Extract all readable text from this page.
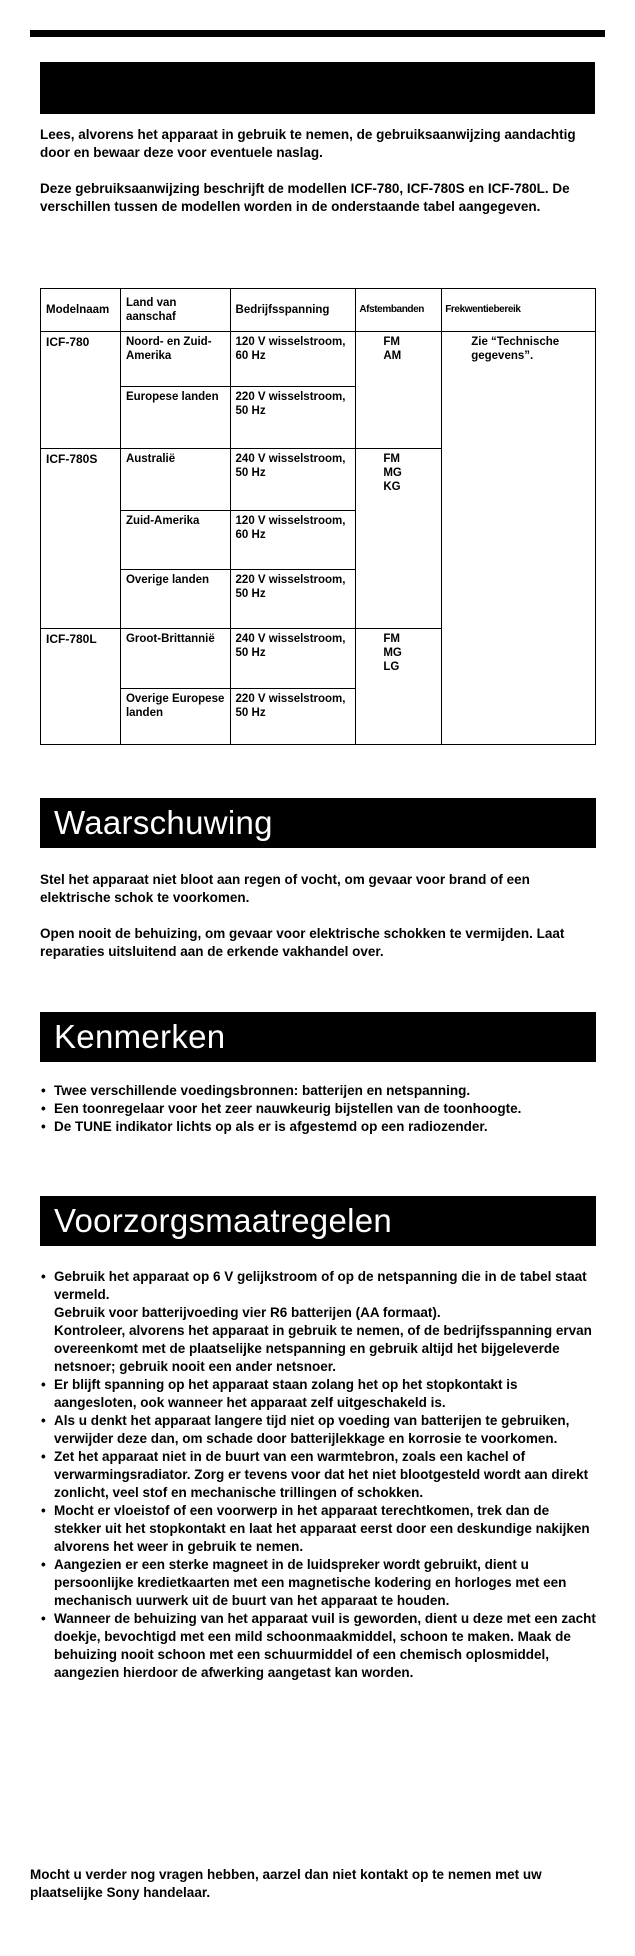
Lees, alvorens het apparaat in gebruik te nemen, de gebruiksaanwijzing aandachtig door en bewaar deze voor eventuele naslag.

Deze gebruiksaanwijzing beschrijft de modellen ICF-780, ICF-780S en ICF-780L. De verschillen tussen de modellen worden in de onderstaande tabel aangegeven.

Modelnaam	Land van aanschaf	Bedrijfsspanning	Afstembanden	Frekwentiebereik
ICF-780	Noord- en Zuid-Amerika	120 V wisselstroom, 60 Hz	FM AM	Zie “Technische gegevens”.

	Europese landen	220 V wisselstroom, 50 Hz		
ICF-780S	Australië	240 V wisselstroom, 50 Hz	FM MG KG	

	Zuid-Amerika	120 V wisselstroom, 60 Hz		
	Overige landen	220 V wisselstroom, 50 Hz		
ICF-780L	Groot-Brittannië	240 V wisselstroom, 50 Hz	FM MG LG	

	Overige Europese landen	220 V wisselstroom, 50 Hz		
Waarschuwing

Stel het apparaat niet bloot aan regen of vocht, om gevaar voor brand of een elektrische schok te voorkomen.

Open nooit de behuizing, om gevaar voor elektrische schokken te vermijden. Laat reparaties uitsluitend aan de erkende vakhandel over.

Kenmerken
• Twee verschillende voedingsbronnen: batterijen en netspanning.
• Een toonregelaar voor het zeer nauwkeurig bijstellen van de toonhoogte.
• De TUNE indikator lichts op als er is afgestemd op een radiozender.
Voorzorgsmaatregelen
• Gebruik het apparaat op 6 V gelijkstroom of op de netspanning die in de tabel staat vermeld.
Gebruik voor batterijvoeding vier R6 batterijen (AA formaat).
Kontroleer, alvorens het apparaat in gebruik te nemen, of de bedrijfsspanning ervan overeenkomt met de plaatselijke netspanning en gebruik altijd het bijgeleverde netsnoer; gebruik nooit een ander netsnoer.
• Er blijft spanning op het apparaat staan zolang het op het stopkontakt is aangesloten, ook wanneer het apparaat zelf uitgeschakeld is.
• Als u denkt het apparaat langere tijd niet op voeding van batterijen te gebruiken, verwijder deze dan, om schade door batterijlekkage en korrosie te voorkomen.
• Zet het apparaat niet in de buurt van een warmtebron, zoals een kachel of verwarmingsradiator. Zorg er tevens voor dat het niet blootgesteld wordt aan direkt zonlicht, veel stof en mechanische trillingen of schokken.
• Mocht er vloeistof of een voorwerp in het apparaat terechtkomen, trek dan de stekker uit het stopkontakt en laat het apparaat eerst door een deskundige nakijken alvorens het weer in gebruik te nemen.
• Aangezien er een sterke magneet in de luidspreker wordt gebruikt, dient u persoonlijke kredietkaarten met een magnetische kodering en horloges met een mechanisch uurwerk uit de buurt van het apparaat te houden.
• Wanneer de behuizing van het apparaat vuil is geworden, dient u deze met een zacht doekje, bevochtigd met een mild schoonmaakmiddel, schoon te maken. Maak de behuizing nooit schoon met een schuurmiddel of een chemisch oplosmiddel, aangezien hierdoor de afwerking aangetast kan worden.
Mocht u verder nog vragen hebben, aarzel dan niet kontakt op te nemen met uw plaatselijke Sony handelaar.
